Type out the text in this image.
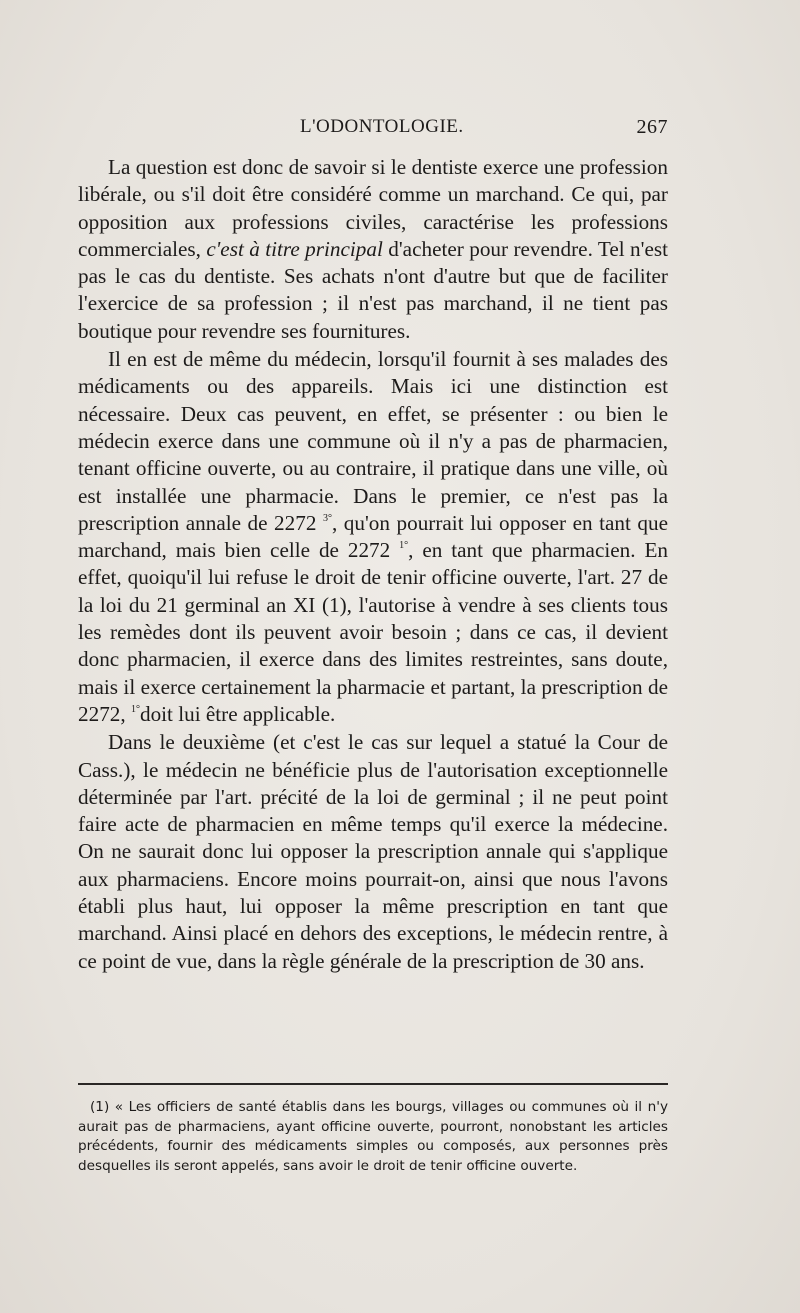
L'ODONTOLOGIE.	267

La question est donc de savoir si le dentiste exerce une profession libérale, ou s'il doit être considéré comme un marchand. Ce qui, par opposition aux professions civiles, caractérise les professions commerciales, c'est à titre principal d'acheter pour revendre. Tel n'est pas le cas du dentiste. Ses achats n'ont d'autre but que de faciliter l'exercice de sa profession ; il n'est pas marchand, il ne tient pas boutique pour revendre ses fournitures.

Il en est de même du médecin, lorsqu'il fournit à ses malades des médicaments ou des appareils. Mais ici une distinction est nécessaire. Deux cas peuvent, en effet, se présenter : ou bien le médecin exerce dans une commune où il n'y a pas de pharmacien, tenant officine ouverte, ou au contraire, il pratique dans une ville, où est installée une pharmacie. Dans le premier, ce n'est pas la prescription annale de 2272 $^{3^\circ}$, qu'on pourrait lui opposer en tant que marchand, mais bien celle de 2272 $^{1^\circ}$, en tant que pharmacien. En effet, quoiqu'il lui refuse le droit de tenir officine ouverte, l'art. 27 de la loi du 21 germinal an XI (1), l'autorise à vendre à ses clients tous les remèdes dont ils peuvent avoir besoin ; dans ce cas, il devient donc pharmacien, il exerce dans des limites restreintes, sans doute, mais il exerce certainement la pharmacie et partant, la prescription de 2272, $^{1^\circ}$doit lui être applicable.

Dans le deuxième (et c'est le cas sur lequel a statué la Cour de Cass.), le médecin ne bénéficie plus de l'autorisation exceptionnelle déterminée par l'art. précité de la loi de germinal ; il ne peut point faire acte de pharmacien en même temps qu'il exerce la médecine. On ne saurait donc lui opposer la prescription annale qui s'applique aux pharmaciens. Encore moins pourrait-on, ainsi que nous l'avons établi plus haut, lui opposer la même prescription en tant que marchand. Ainsi placé en dehors des exceptions, le médecin rentre, à ce point de vue, dans la règle générale de la prescription de 30 ans.

(1) « Les officiers de santé établis dans les bourgs, villages ou communes où il n'y aurait pas de pharmaciens, ayant officine ouverte, pourront, nonobstant les articles précédents, fournir des médicaments simples ou composés, aux personnes près desquelles ils seront appelés, sans avoir le droit de tenir officine ouverte.
